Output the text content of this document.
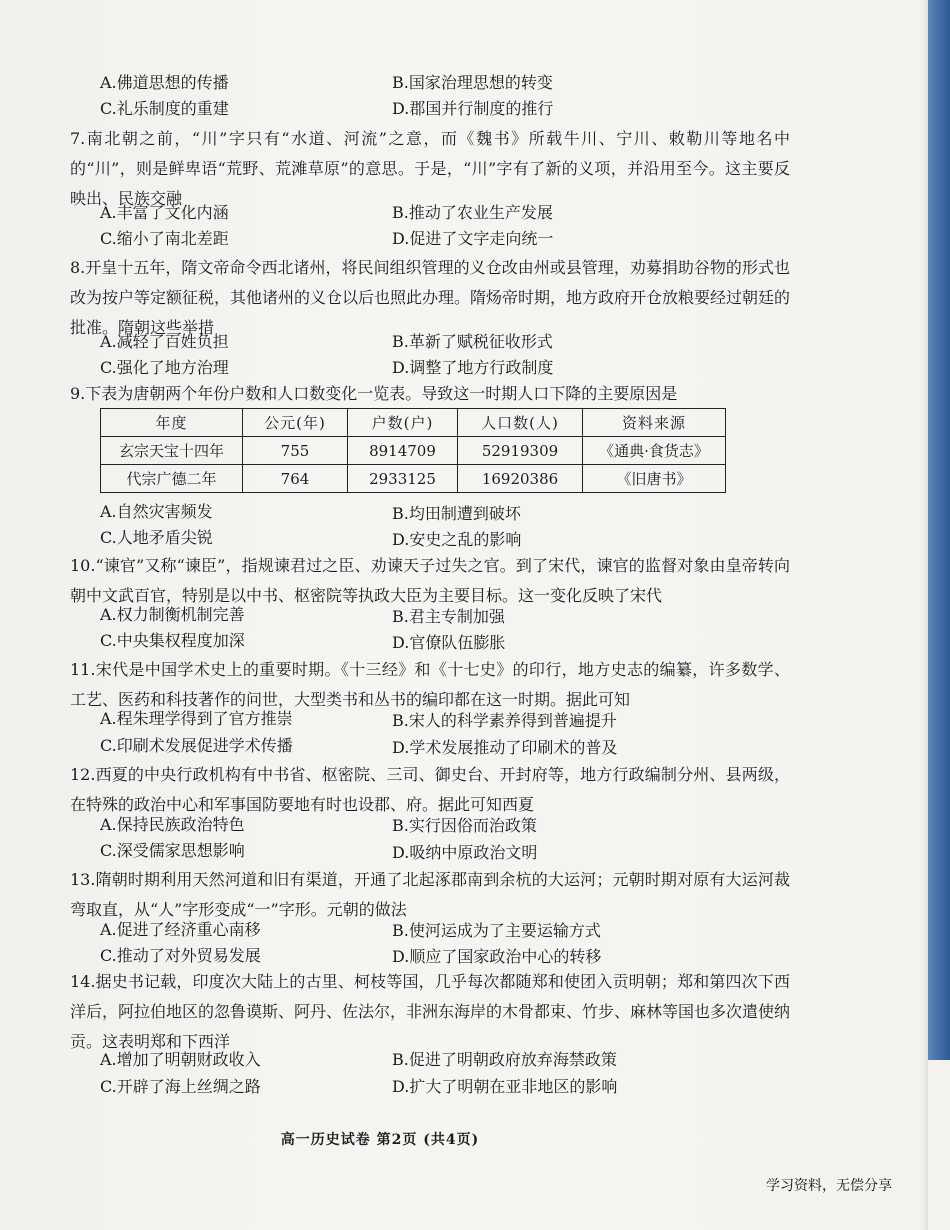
A.佛道思想的传播	B.国家治理思想的转变
C.礼乐制度的重建	D.郡国并行制度的推行
7.南北朝之前，“川”字只有“水道、河流”之意，而《魏书》所载牛川、宁川、敕勒川等地名中的“川”，则是鲜卑语“荒野、荒滩草原”的意思。于是，“川”字有了新的义项，并沿用至今。这主要反映出、民族交融
A.丰富了文化内涵	B.推动了农业生产发展
C.缩小了南北差距	D.促进了文字走向统一
8.开皇十五年，隋文帝命令西北诸州，将民间组织管理的义仓改由州或县管理，劝募捐助谷物的形式也改为按户等定额征税，其他诸州的义仓以后也照此办理。隋炀帝时期，地方政府开仓放粮要经过朝廷的批准。隋朝这些举措
A.减轻了百姓负担	B.革新了赋税征收形式
C.强化了地方治理	D.调整了地方行政制度
9.下表为唐朝两个年份户数和人口数变化一览表。导致这一时期人口下降的主要原因是
年度	公元(年)	户数(户)	人口数(人)	资料来源
玄宗天宝十四年	755	8914709	52919309	《通典·食货志》
代宗广德二年	764	2933125	16920386	《旧唐书》
A.自然灾害频发	B.均田制遭到破坏
C.人地矛盾尖锐	D.安史之乱的影响
10.“谏官”又称“谏臣”，指规谏君过之臣、劝谏天子过失之官。到了宋代，谏官的监督对象由皇帝转向朝中文武百官，特别是以中书、枢密院等执政大臣为主要目标。这一变化反映了宋代
A.权力制衡机制完善	B.君主专制加强
C.中央集权程度加深	D.官僚队伍膨胀
11.宋代是中国学术史上的重要时期。《十三经》和《十七史》的印行，地方史志的编纂，许多数学、工艺、医药和科技著作的问世，大型类书和丛书的编印都在这一时期。据此可知
A.程朱理学得到了官方推崇	B.宋人的科学素养得到普遍提升
C.印刷术发展促进学术传播	D.学术发展推动了印刷术的普及
12.西夏的中央行政机构有中书省、枢密院、三司、御史台、开封府等，地方行政编制分州、县两级，在特殊的政治中心和军事国防要地有时也设郡、府。据此可知西夏
A.保持民族政治特色	B.实行因俗而治政策
C.深受儒家思想影响	D.吸纳中原政治文明
13.隋朝时期利用天然河道和旧有渠道，开通了北起涿郡南到余杭的大运河；元朝时期对原有大运河裁弯取直，从“人”字形变成“一”字形。元朝的做法
A.促进了经济重心南移	B.使河运成为了主要运输方式
C.推动了对外贸易发展	D.顺应了国家政治中心的转移
14.据史书记载，印度次大陆上的古里、柯枝等国，几乎每次都随郑和使团入贡明朝；郑和第四次下西洋后，阿拉伯地区的忽鲁谟斯、阿丹、佐法尔，非洲东海岸的木骨都束、竹步、麻林等国也多次遣使纳贡。这表明郑和下西洋
A.增加了明朝财政收入	B.促进了明朝政府放弃海禁政策
C.开辟了海上丝绸之路	D.扩大了明朝在亚非地区的影响
高一历史试卷 第2页 (共4页)
学习资料，无偿分享
